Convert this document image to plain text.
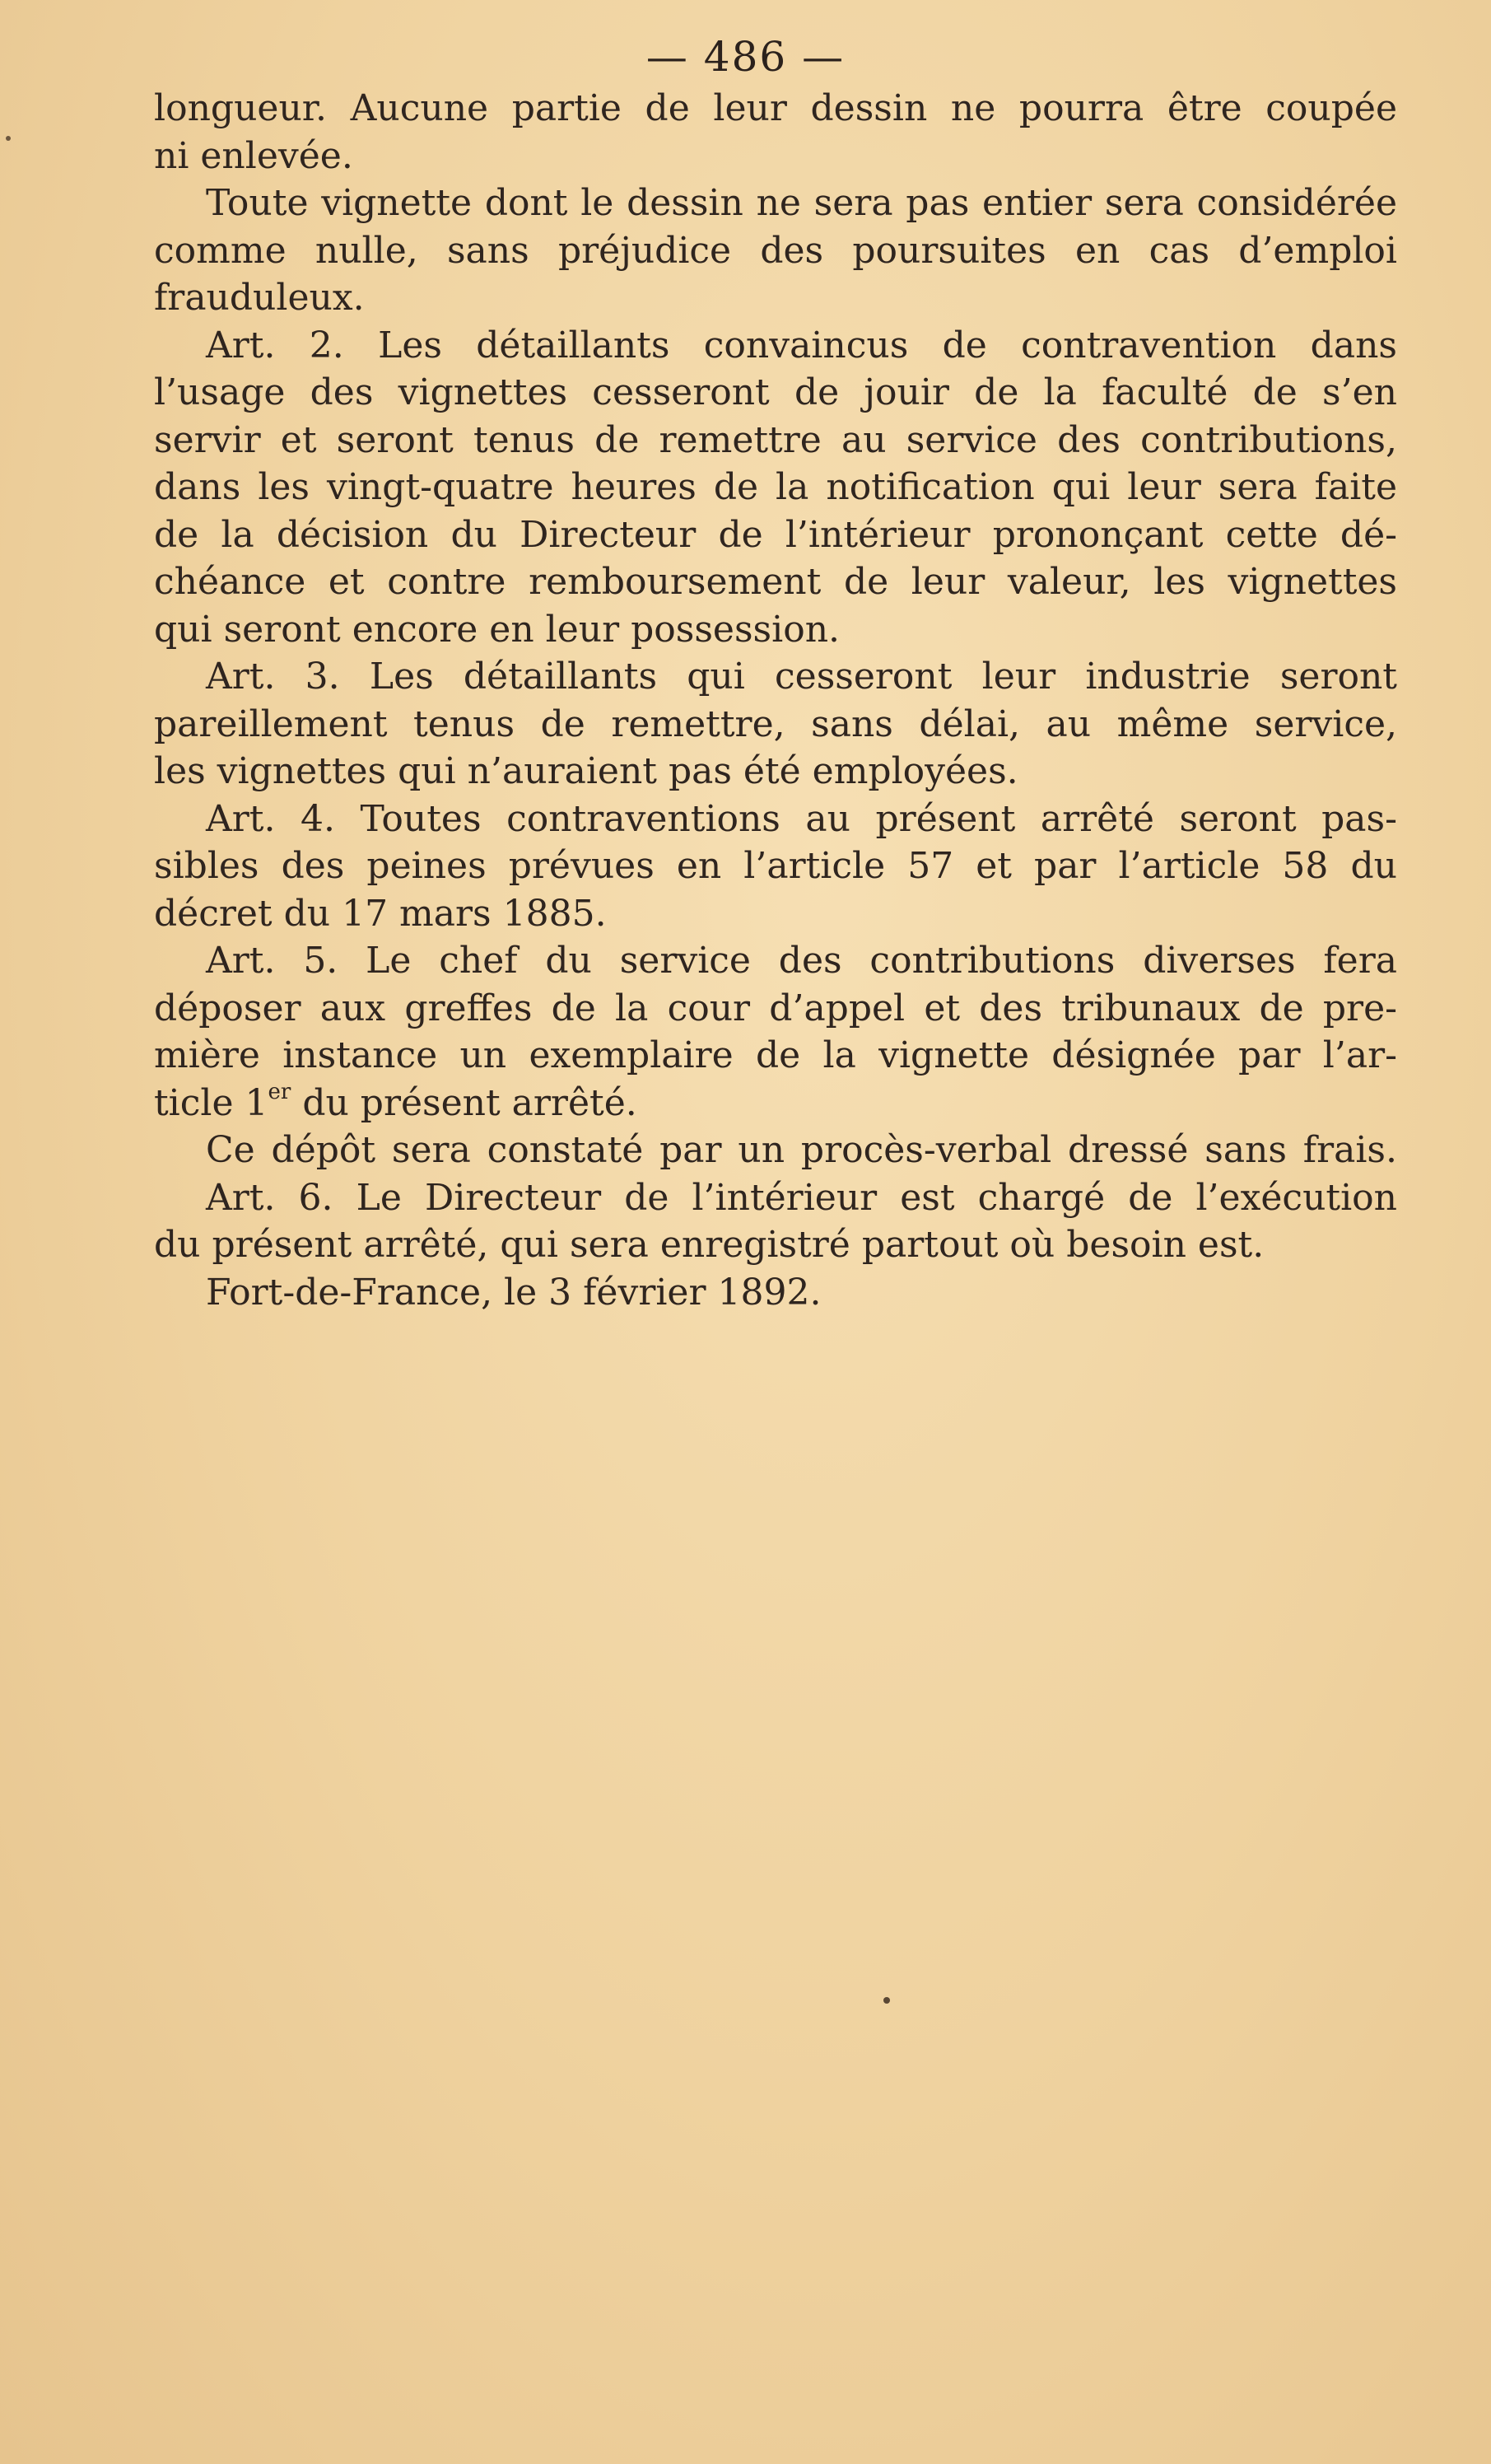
— 486 —
longueur. Aucune partie de leur dessin ne pourra être coupée
ni enlevée.
Toute vignette dont le dessin ne sera pas entier sera considérée
comme nulle, sans préjudice des poursuites en cas d’emploi
frauduleux.
Art. 2. Les détaillants convaincus de contravention dans
l’usage des vignettes cesseront de jouir de la faculté de s’en
servir et seront tenus de remettre au service des contributions,
dans les vingt-quatre heures de la notification qui leur sera faite
de la décision du Directeur de l’intérieur prononçant cette dé-
chéance et contre remboursement de leur valeur, les vignettes
qui seront encore en leur possession.
Art. 3. Les détaillants qui cesseront leur industrie seront
pareillement tenus de remettre, sans délai, au même service,
les vignettes qui n’auraient pas été employées.
Art. 4. Toutes contraventions au présent arrêté seront pas-
sibles des peines prévues en l’article 57 et par l’article 58 du
décret du 17 mars 1885.
Art. 5. Le chef du service des contributions diverses fera
déposer aux greffes de la cour d’appel et des tribunaux de pre-
mière instance un exemplaire de la vignette désignée par l’ar-
ticle 1er du présent arrêté.
Ce dépôt sera constaté par un procès-verbal dressé sans frais.
Art. 6. Le Directeur de l’intérieur est chargé de l’exécution
du présent arrêté, qui sera enregistré partout où besoin est.
Fort-de-France, le 3 février 1892.
